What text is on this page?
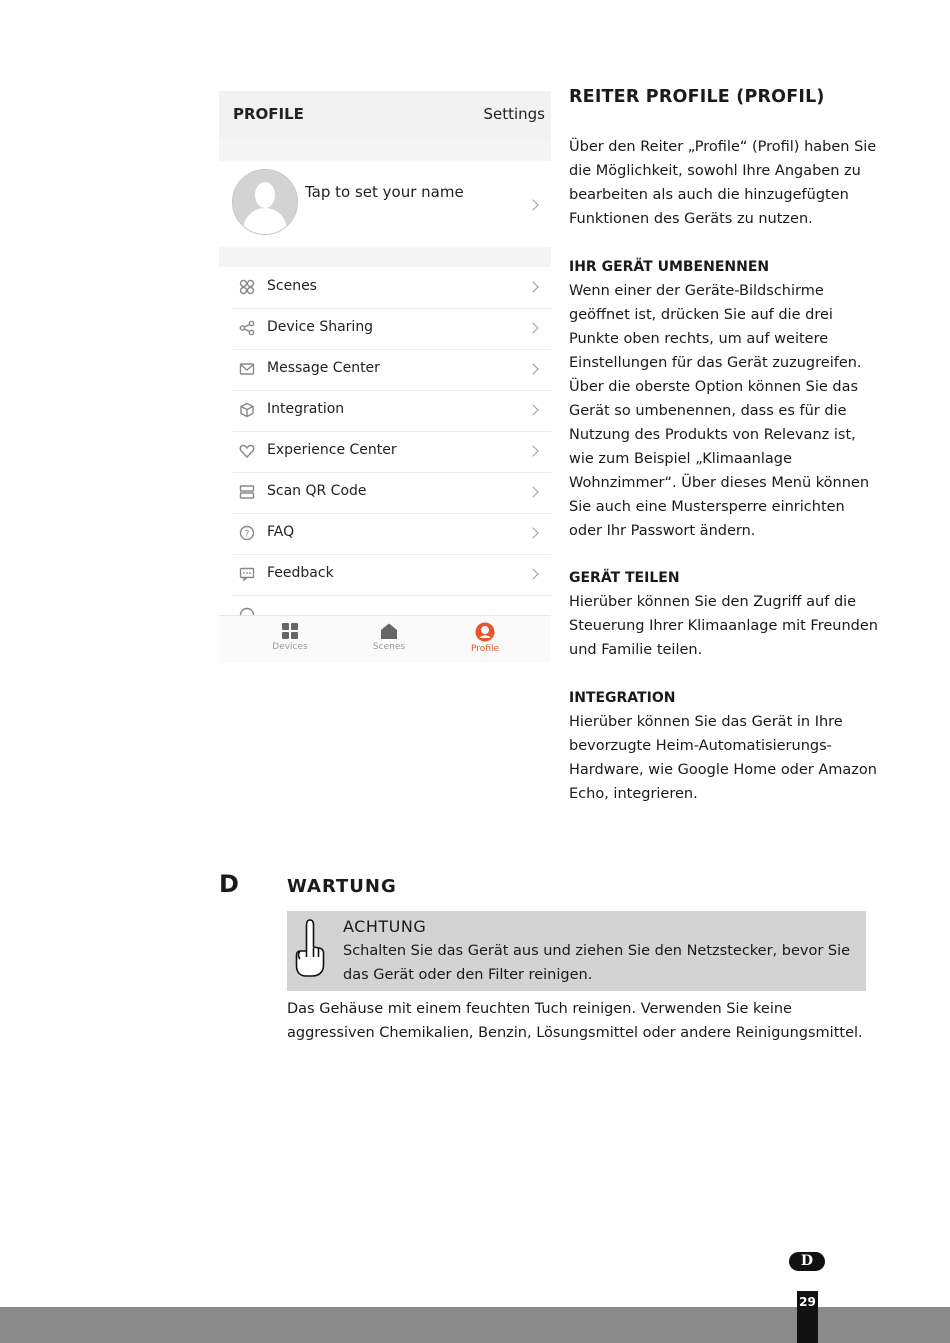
PROFILE	Settings
Tap to set your name
Scenes
Device Sharing
Message Center
Integration
Experience Center
Scan QR Code
? FAQ
Feedback
Devices	Scenes	Profile
REITER PROFILE (PROFIL)
Über den Reiter „Profile“ (Profil) haben Sie die Möglichkeit, sowohl Ihre Angaben zu bearbeiten als auch die hinzugefügten Funktionen des Geräts zu nutzen.
IHR GERÄT UMBENENNEN
Wenn einer der Geräte-Bildschirme geöffnet ist, drücken Sie auf die drei Punkte oben rechts, um auf weitere Einstellungen für das Gerät zuzugreifen. Über die oberste Option können Sie das Gerät so umbenennen, dass es für die Nutzung des Produkts von Relevanz ist, wie zum Beispiel „Klimaanlage Wohnzimmer“. Über dieses Menü können Sie auch eine Mustersperre einrichten oder Ihr Passwort ändern.
GERÄT TEILEN
Hierüber können Sie den Zugriff auf die Steuerung Ihrer Klimaanlage mit Freunden und Familie teilen.
INTEGRATION
Hierüber können Sie das Gerät in Ihre bevorzugte Heim-Automatisierungs-Hardware, wie Google Home oder Amazon Echo, integrieren.
D	WARTUNG
ACHTUNG
Schalten Sie das Gerät aus und ziehen Sie den Netzstecker, bevor Sie das Gerät oder den Filter reinigen.
Das Gehäuse mit einem feuchten Tuch reinigen. Verwenden Sie keine aggressiven Chemikalien, Benzin, Lösungsmittel oder andere Reinigungsmittel.
D
29
